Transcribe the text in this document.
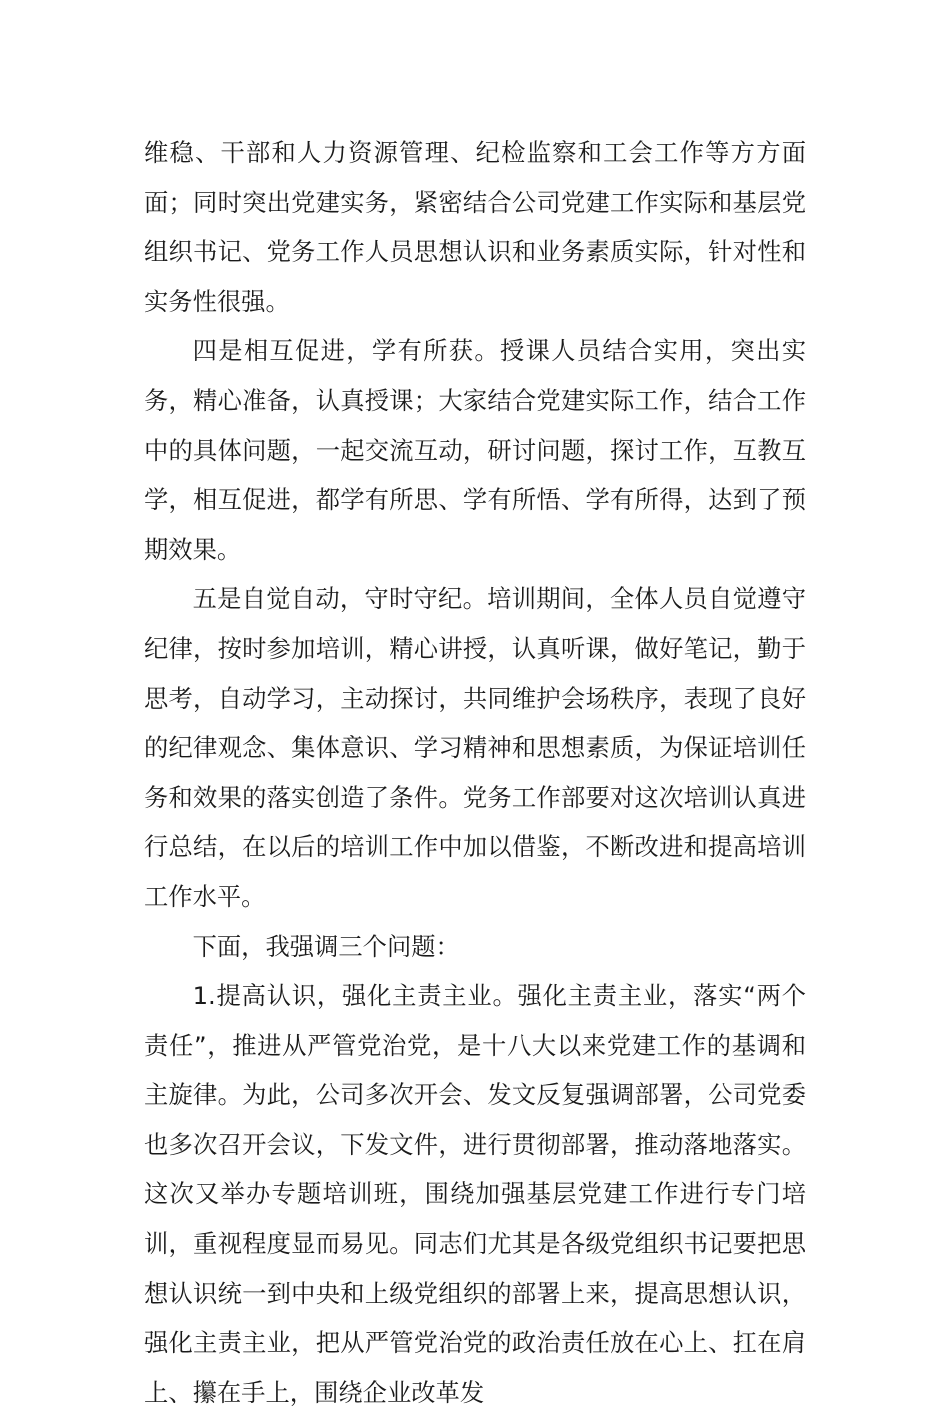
维稳、干部和人力资源管理、纪检监察和工会工作等方方面面；同时突出党建实务，紧密结合公司党建工作实际和基层党组织书记、党务工作人员思想认识和业务素质实际，针对性和实务性很强。

四是相互促进，学有所获。授课人员结合实用，突出实务，精心准备，认真授课；大家结合党建实际工作，结合工作中的具体问题，一起交流互动，研讨问题，探讨工作，互教互学，相互促进，都学有所思、学有所悟、学有所得，达到了预期效果。

五是自觉自动，守时守纪。培训期间，全体人员自觉遵守纪律，按时参加培训，精心讲授，认真听课，做好笔记，勤于思考，自动学习，主动探讨，共同维护会场秩序，表现了良好的纪律观念、集体意识、学习精神和思想素质，为保证培训任务和效果的落实创造了条件。党务工作部要对这次培训认真进行总结，在以后的培训工作中加以借鉴，不断改进和提高培训工作水平。

下面，我强调三个问题：

1.提高认识，强化主责主业。强化主责主业，落实“两个责任”，推进从严管党治党，是十八大以来党建工作的基调和主旋律。为此，公司多次开会、发文反复强调部署，公司党委也多次召开会议，下发文件，进行贯彻部署，推动落地落实。这次又举办专题培训班，围绕加强基层党建工作进行专门培训，重视程度显而易见。同志们尤其是各级党组织书记要把思想认识统一到中央和上级党组织的部署上来，提高思想认识，强化主责主业，把从严管党治党的政治责任放在心上、扛在肩上、攥在手上，围绕企业改革发
